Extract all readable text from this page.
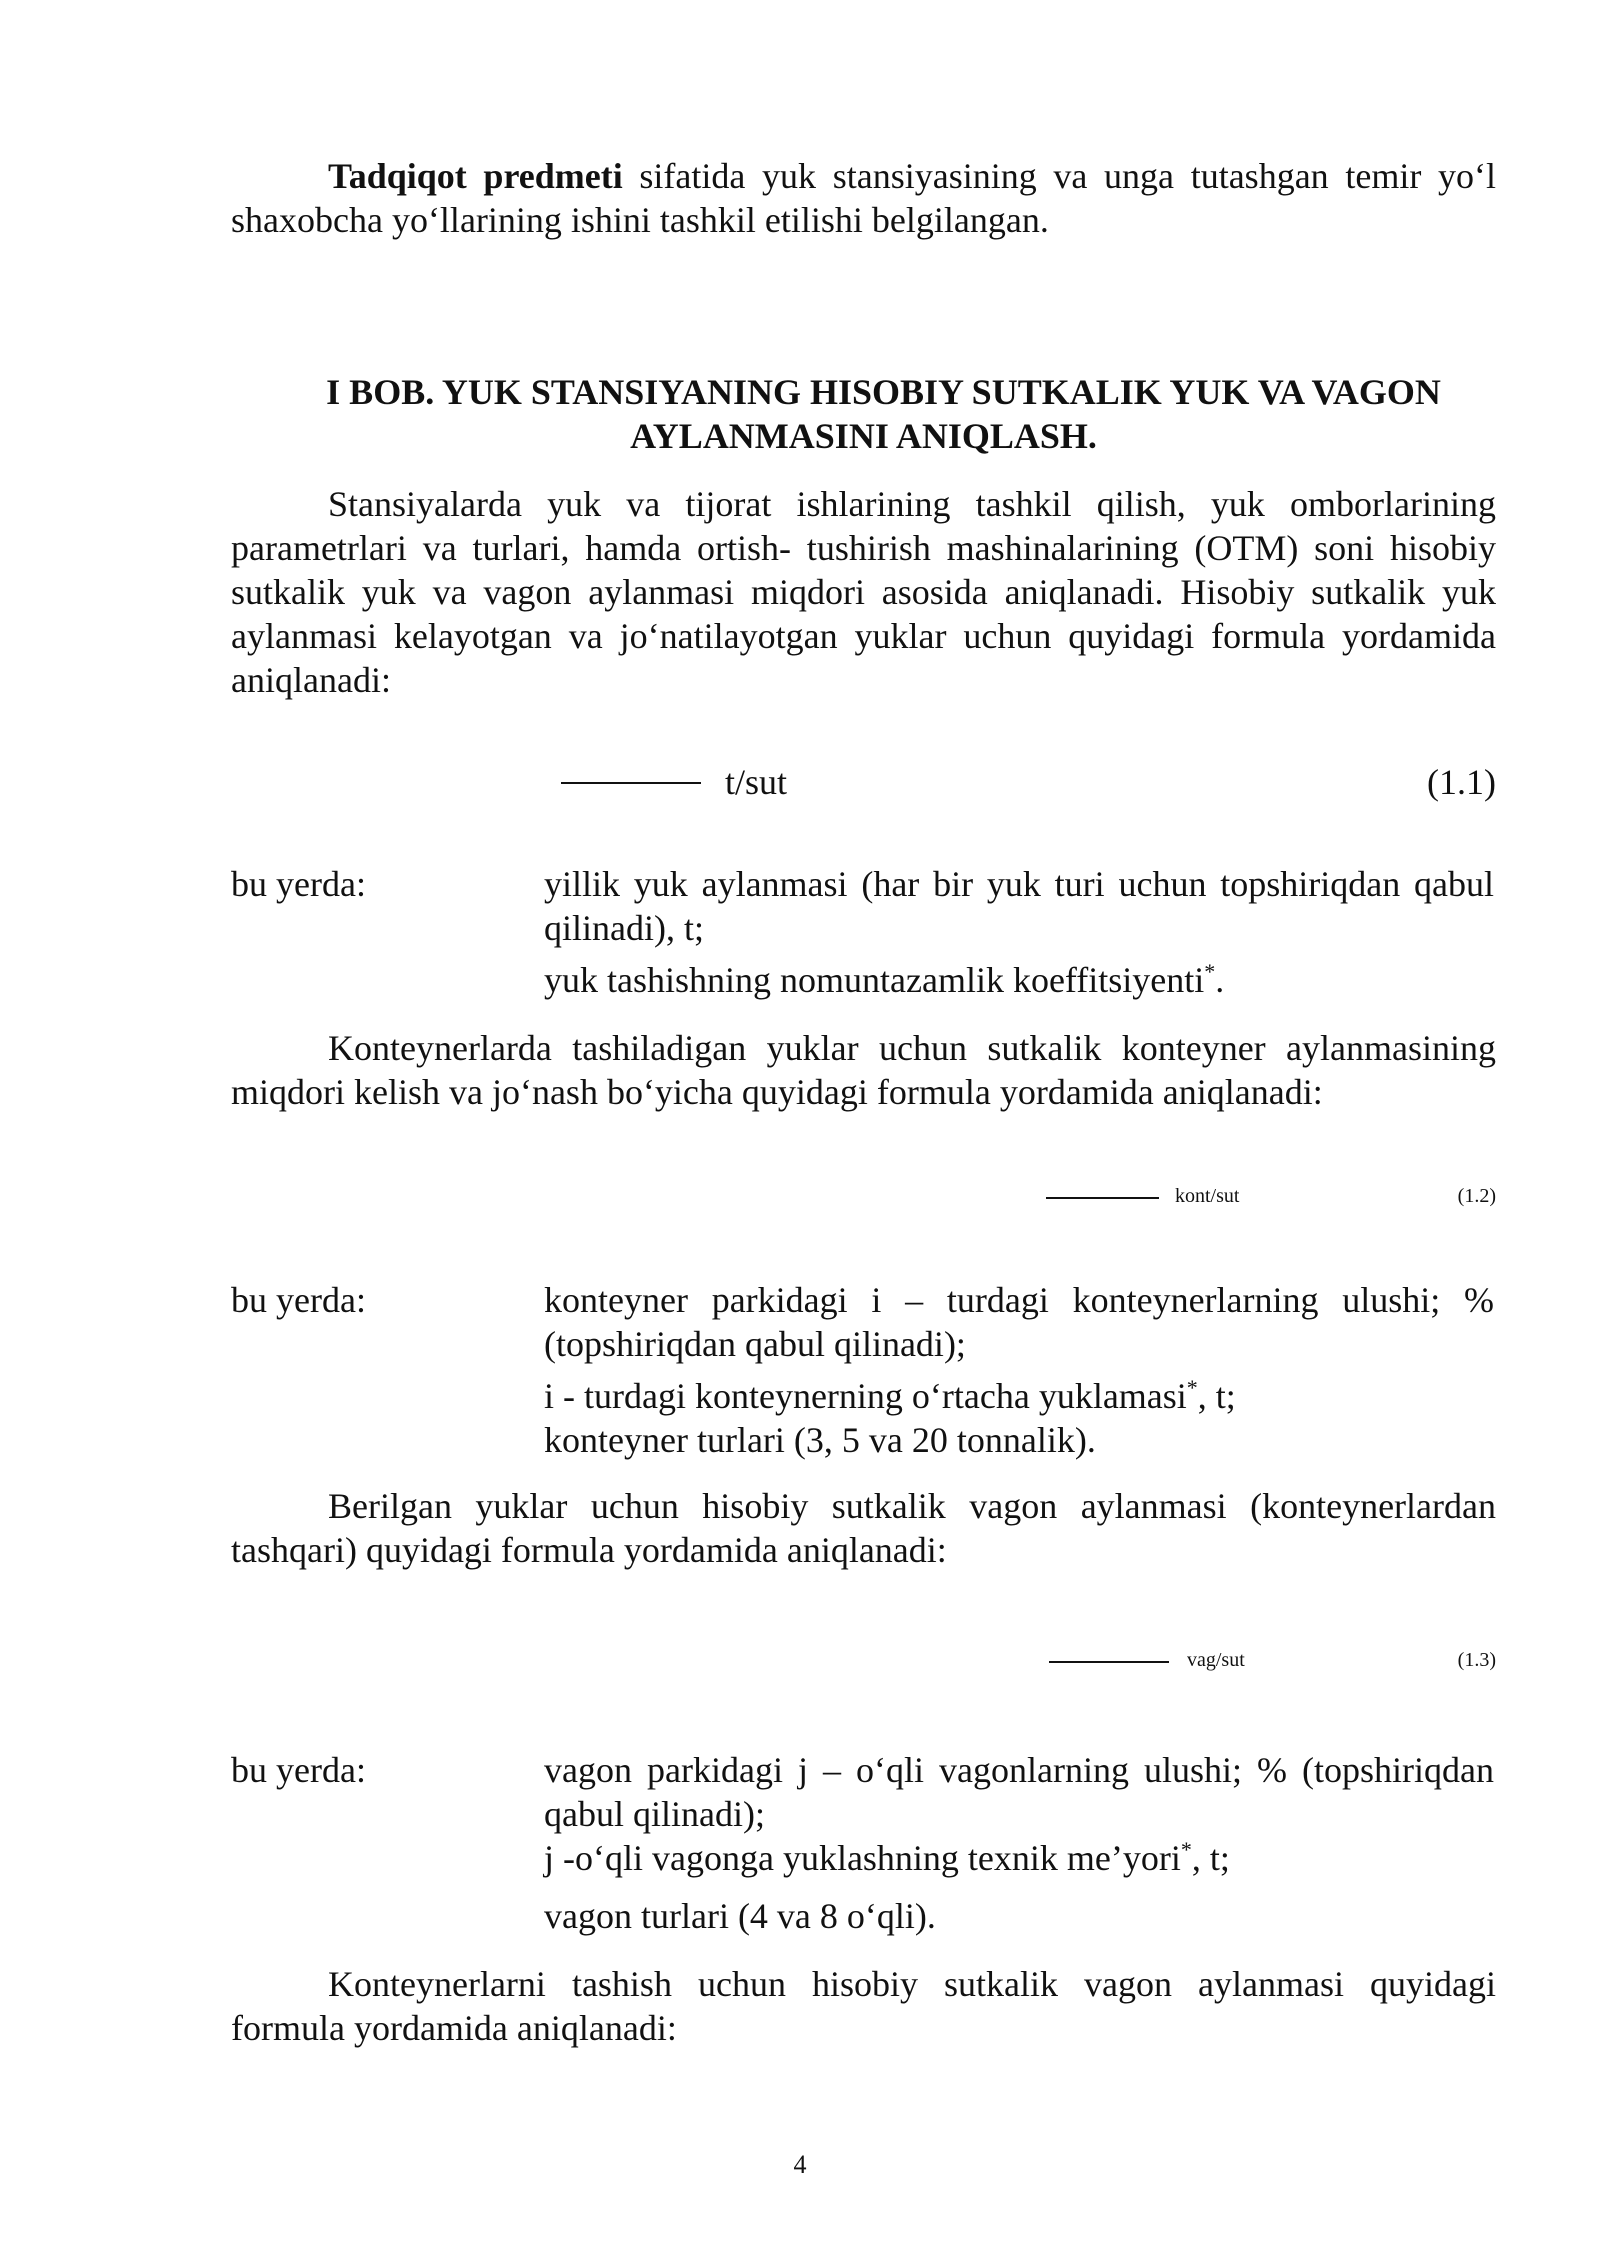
Tadqiqot predmeti sifatida yuk stansiyasining va unga tutashgan temir yo‘l shaxobcha yo‘llarining ishini tashkil etilishi belgilangan.

I BOB. YUK STANSIYANING HISOBIY SUTKALIK YUK VA VAGON
AYLANMASINI ANIQLASH.

Stansiyalarda yuk va tijorat ishlarining tashkil qilish, yuk omborlarining parametrlari va turlari, hamda ortish- tushirish mashinalarining (OTM) soni hisobiy sutkalik yuk va vagon aylanmasi miqdori asosida aniqlanadi. Hisobiy sutkalik yuk aylanmasi kelayotgan va jo‘natilayotgan yuklar uchun quyidagi formula yordamida aniqlanadi:

t/sut	(1.1)
bu yerda:	yillik yuk aylanmasi (har bir yuk turi uchun topshiriqdan qabul qilinadi), t;
yuk tashishning nomuntazamlik koeffitsiyenti*.

Konteynerlarda tashiladigan yuklar uchun sutkalik konteyner aylanmasining miqdori kelish va jo‘nash bo‘yicha quyidagi formula yordamida aniqlanadi:

kont/sut	(1.2)
bu yerda:	konteyner parkidagi i – turdagi konteynerlarning ulushi; % (topshiriqdan qabul qilinadi);
i - turdagi konteynerning o‘rtacha yuklamasi*, t;
konteyner turlari (3, 5 va 20 tonnalik).

Berilgan yuklar uchun hisobiy sutkalik vagon aylanmasi (konteynerlardan tashqari) quyidagi formula yordamida aniqlanadi:

vag/sut	(1.3)
bu yerda:	vagon parkidagi j – o‘qli vagonlarning ulushi; % (topshiriqdan qabul qilinadi);
j -o‘qli vagonga yuklashning texnik me’yori*, t;
vagon turlari (4 va 8 o‘qli).

Konteynerlarni tashish uchun hisobiy sutkalik vagon aylanmasi quyidagi formula yordamida aniqlanadi:

4
